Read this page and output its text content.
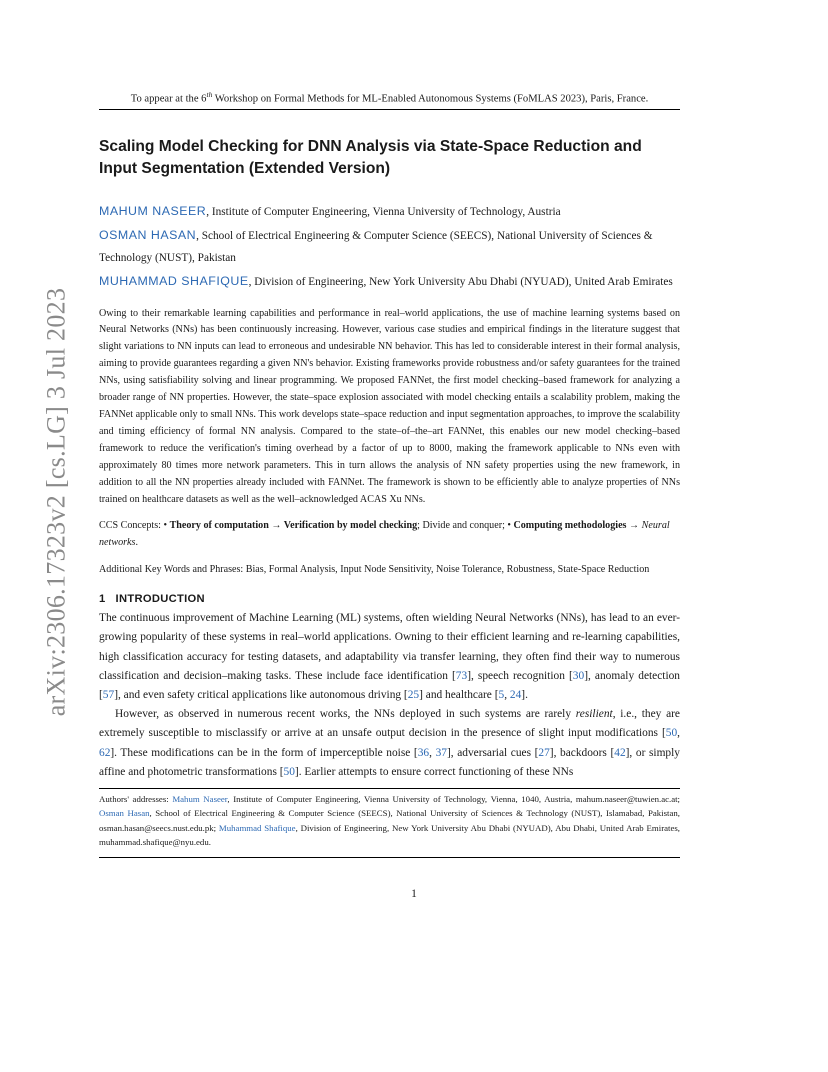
arXiv:2306.17323v2 [cs.LG] 3 Jul 2023
To appear at the 6th Workshop on Formal Methods for ML-Enabled Autonomous Systems (FoMLAS 2023), Paris, France.
Scaling Model Checking for DNN Analysis via State-Space Reduction and Input Segmentation (Extended Version)

MAHUM NASEER, Institute of Computer Engineering, Vienna University of Technology, Austria

OSMAN HASAN, School of Electrical Engineering & Computer Science (SEECS), National University of Sciences & Technology (NUST), Pakistan

MUHAMMAD SHAFIQUE, Division of Engineering, New York University Abu Dhabi (NYUAD), United Arab Emirates

Owing to their remarkable learning capabilities and performance in real–world applications, the use of machine learning systems based on Neural Networks (NNs) has been continuously increasing. However, various case studies and empirical findings in the literature suggest that slight variations to NN inputs can lead to erroneous and undesirable NN behavior. This has led to considerable interest in their formal analysis, aiming to provide guarantees regarding a given NN's behavior. Existing frameworks provide robustness and/or safety guarantees for the trained NNs, using satisfiability solving and linear programming. We proposed FANNet, the first model checking–based framework for analyzing a broader range of NN properties. However, the state–space explosion associated with model checking entails a scalability problem, making the FANNet applicable only to small NNs. This work develops state–space reduction and input segmentation approaches, to improve the scalability and timing efficiency of formal NN analysis. Compared to the state–of–the–art FANNet, this enables our new model checking–based framework to reduce the verification's timing overhead by a factor of up to 8000, making the framework applicable to NNs even with approximately 80 times more network parameters. This in turn allows the analysis of NN safety properties using the new framework, in addition to all the NN properties already included with FANNet. The framework is shown to be efficiently able to analyze properties of NNs trained on healthcare datasets as well as the well–acknowledged ACAS Xu NNs.

CCS Concepts: • Theory of computation → Verification by model checking; Divide and conquer; • Computing methodologies → Neural networks.

Additional Key Words and Phrases: Bias, Formal Analysis, Input Node Sensitivity, Noise Tolerance, Robustness, State-Space Reduction

1 INTRODUCTION

The continuous improvement of Machine Learning (ML) systems, often wielding Neural Networks (NNs), has lead to an ever-growing popularity of these systems in real–world applications. Owning to their efficient learning and re-learning capabilities, high classification accuracy for testing datasets, and adaptability via transfer learning, they often find their way to numerous classification and decision–making tasks. These include face identification [73], speech recognition [30], anomaly detection [57], and even safety critical applications like autonomous driving [25] and healthcare [5, 24].

However, as observed in numerous recent works, the NNs deployed in such systems are rarely resilient, i.e., they are extremely susceptible to misclassify or arrive at an unsafe output decision in the presence of slight input modifications [50, 62]. These modifications can be in the form of imperceptible noise [36, 37], adversarial cues [27], backdoors [42], or simply affine and photometric transformations [50]. Earlier attempts to ensure correct functioning of these NNs

Authors' addresses: Mahum Naseer, Institute of Computer Engineering, Vienna University of Technology, Vienna, 1040, Austria, mahum.naseer@tuwien.ac.at; Osman Hasan, School of Electrical Engineering & Computer Science (SEECS), National University of Sciences & Technology (NUST), Islamabad, Pakistan, osman.hasan@seecs.nust.edu.pk; Muhammad Shafique, Division of Engineering, New York University Abu Dhabi (NYUAD), Abu Dhabi, United Arab Emirates, muhammad.shafique@nyu.edu.

1
